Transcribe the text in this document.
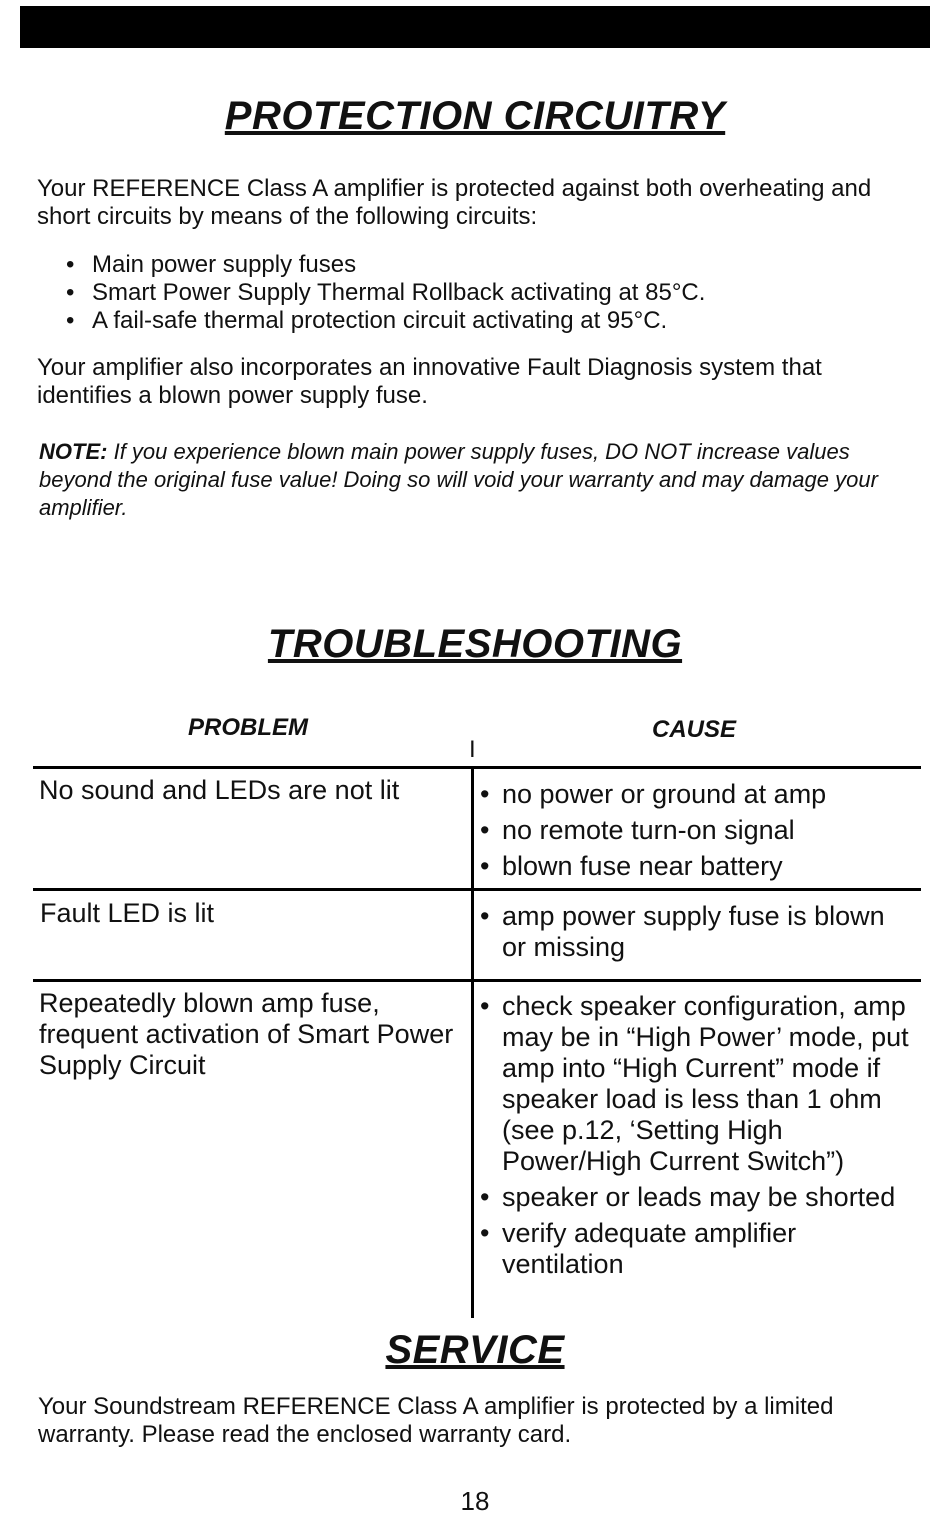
PROTECTION CIRCUITRY

Your REFERENCE Class A amplifier is protected against both overheating and short circuits by means of the following circuits:

• Main power supply fuses
• Smart Power Supply Thermal Rollback activating at 85°C.
• A fail-safe thermal protection circuit activating at 95°C.

Your amplifier also incorporates an innovative Fault Diagnosis system that identifies a blown power supply fuse.

NOTE: If you experience blown main power supply fuses, DO NOT increase values beyond the original fuse value! Doing so will void your warranty and may damage your amplifier.

TROUBLESHOOTING
PROBLEM
I
CAUSE
No sound and LEDs are not lit	• no power or ground at amp
• no remote turn-on signal
• blown fuse near battery
Fault LED is lit	• amp power supply fuse is blown or missing
Repeatedly blown amp fuse, frequent activation of Smart Power Supply Circuit
• check speaker configuration, amp may be in “High Power’ mode, put amp into “High Current” mode if speaker load is less than 1 ohm (see p.12, ‘Setting High Power/High Current Switch”)
• speaker or leads may be shorted
• verify adequate amplifier ventilation
SERVICE

Your Soundstream REFERENCE Class A amplifier is protected by a limited warranty. Please read the enclosed warranty card.

18
